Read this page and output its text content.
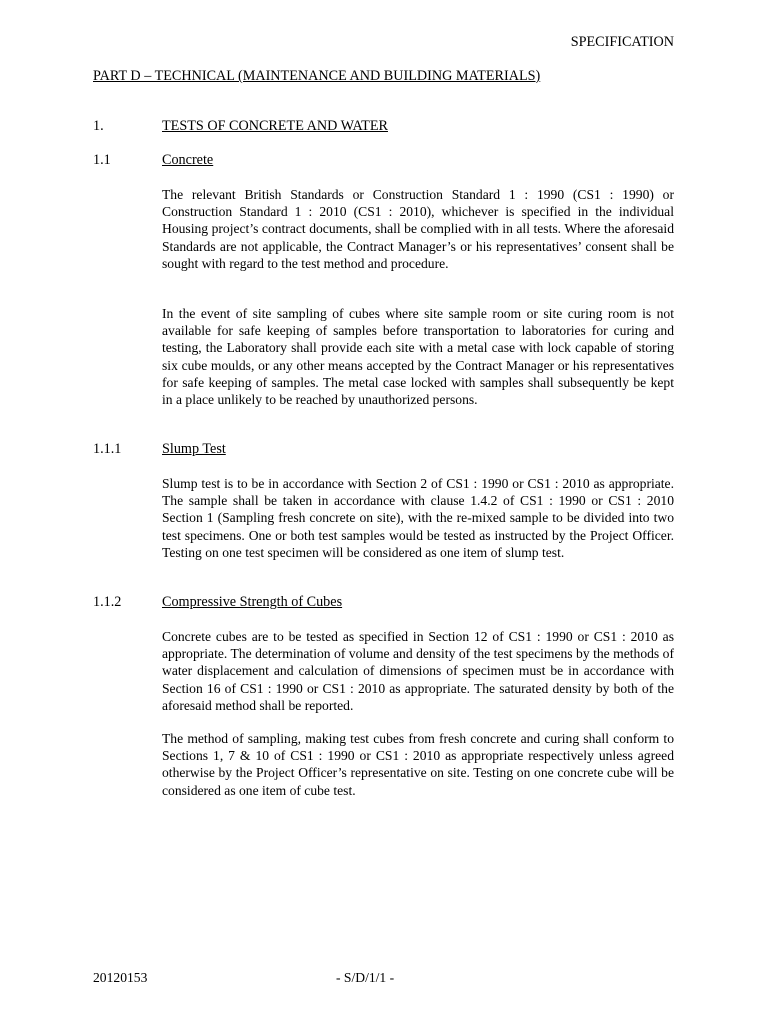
SPECIFICATION
PART D – TECHNICAL (MAINTENANCE AND BUILDING MATERIALS)
1.	TESTS OF CONCRETE AND WATER
1.1	Concrete
The relevant British Standards or Construction Standard 1 : 1990 (CS1 : 1990) or Construction Standard 1 : 2010 (CS1 : 2010), whichever is specified in the individual Housing project’s contract documents, shall be complied with in all tests. Where the aforesaid Standards are not applicable, the Contract Manager’s or his representatives’ consent shall be sought with regard to the test method and procedure.
In the event of site sampling of cubes where site sample room or site curing room is not available for safe keeping of samples before transportation to laboratories for curing and testing, the Laboratory shall provide each site with a metal case with lock capable of storing six cube moulds, or any other means accepted by the Contract Manager or his representatives for safe keeping of samples. The metal case locked with samples shall subsequently be kept in a place unlikely to be reached by unauthorized persons.
1.1.1	Slump Test
Slump test is to be in accordance with Section 2 of CS1 : 1990 or CS1 : 2010 as appropriate. The sample shall be taken in accordance with clause 1.4.2 of CS1 : 1990 or CS1 : 2010 Section 1 (Sampling fresh concrete on site), with the re-mixed sample to be divided into two test specimens. One or both test samples would be tested as instructed by the Project Officer. Testing on one test specimen will be considered as one item of slump test.
1.1.2	Compressive Strength of Cubes
Concrete cubes are to be tested as specified in Section 12 of CS1 : 1990 or CS1 : 2010 as appropriate. The determination of volume and density of the test specimens by the methods of water displacement and calculation of dimensions of specimen must be in accordance with Section 16 of CS1 : 1990 or CS1 : 2010 as appropriate. The saturated density by both of the aforesaid method shall be reported.
The method of sampling, making test cubes from fresh concrete and curing shall conform to Sections 1, 7 & 10 of CS1 : 1990 or CS1 : 2010 as appropriate respectively unless agreed otherwise by the Project Officer’s representative on site. Testing on one concrete cube will be considered as one item of cube test.
20120153	- S/D/1/1 -
